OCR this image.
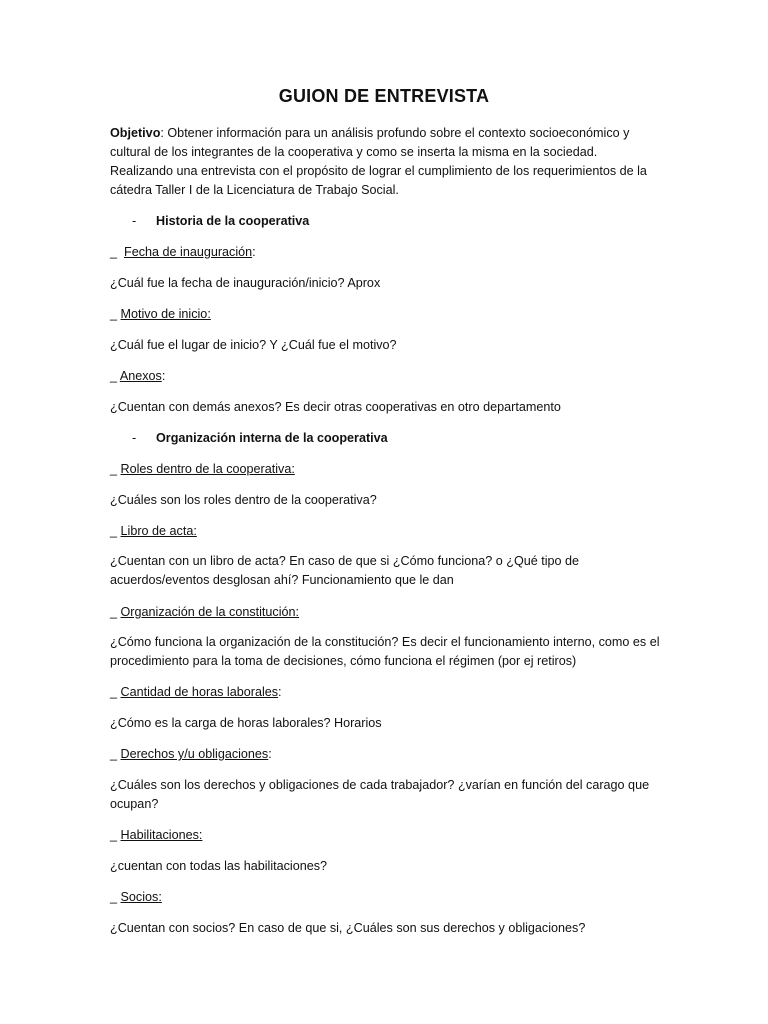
GUION DE ENTREVISTA
Objetivo: Obtener información para un análisis profundo sobre el contexto socioeconómico y cultural de los integrantes de la cooperativa y como se inserta la misma en la sociedad. Realizando una entrevista con el propósito de lograr el cumplimiento de los requerimientos de la cátedra Taller I de la Licenciatura de Trabajo Social.
- Historia de la cooperativa
_  Fecha de inauguración:
¿Cuál fue la fecha de inauguración/inicio? Aprox
_ Motivo de inicio:
¿Cuál fue el lugar de inicio? Y ¿Cuál fue el motivo?
_ Anexos:
¿Cuentan con demás anexos? Es decir otras cooperativas en otro departamento
- Organización interna de la cooperativa
_ Roles dentro de la cooperativa:
¿Cuáles son los roles dentro de la cooperativa?
_ Libro de acta:
¿Cuentan con un libro de acta? En caso de que si ¿Cómo funciona? o ¿Qué tipo de acuerdos/eventos desglosan ahí? Funcionamiento que le dan
_ Organización de la constitución:
¿Cómo funciona la organización de la constitución? Es decir el funcionamiento interno, como es el procedimiento para la toma de decisiones, cómo funciona el régimen (por ej retiros)
_ Cantidad de horas laborales:
¿Cómo es la carga de horas laborales? Horarios
_ Derechos y/u obligaciones:
¿Cuáles son los derechos y obligaciones de cada trabajador? ¿varían en función del carago que ocupan?
_ Habilitaciones:
¿cuentan con todas las habilitaciones?
_ Socios:
¿Cuentan con socios? En caso de que si, ¿Cuáles son sus derechos y obligaciones?
